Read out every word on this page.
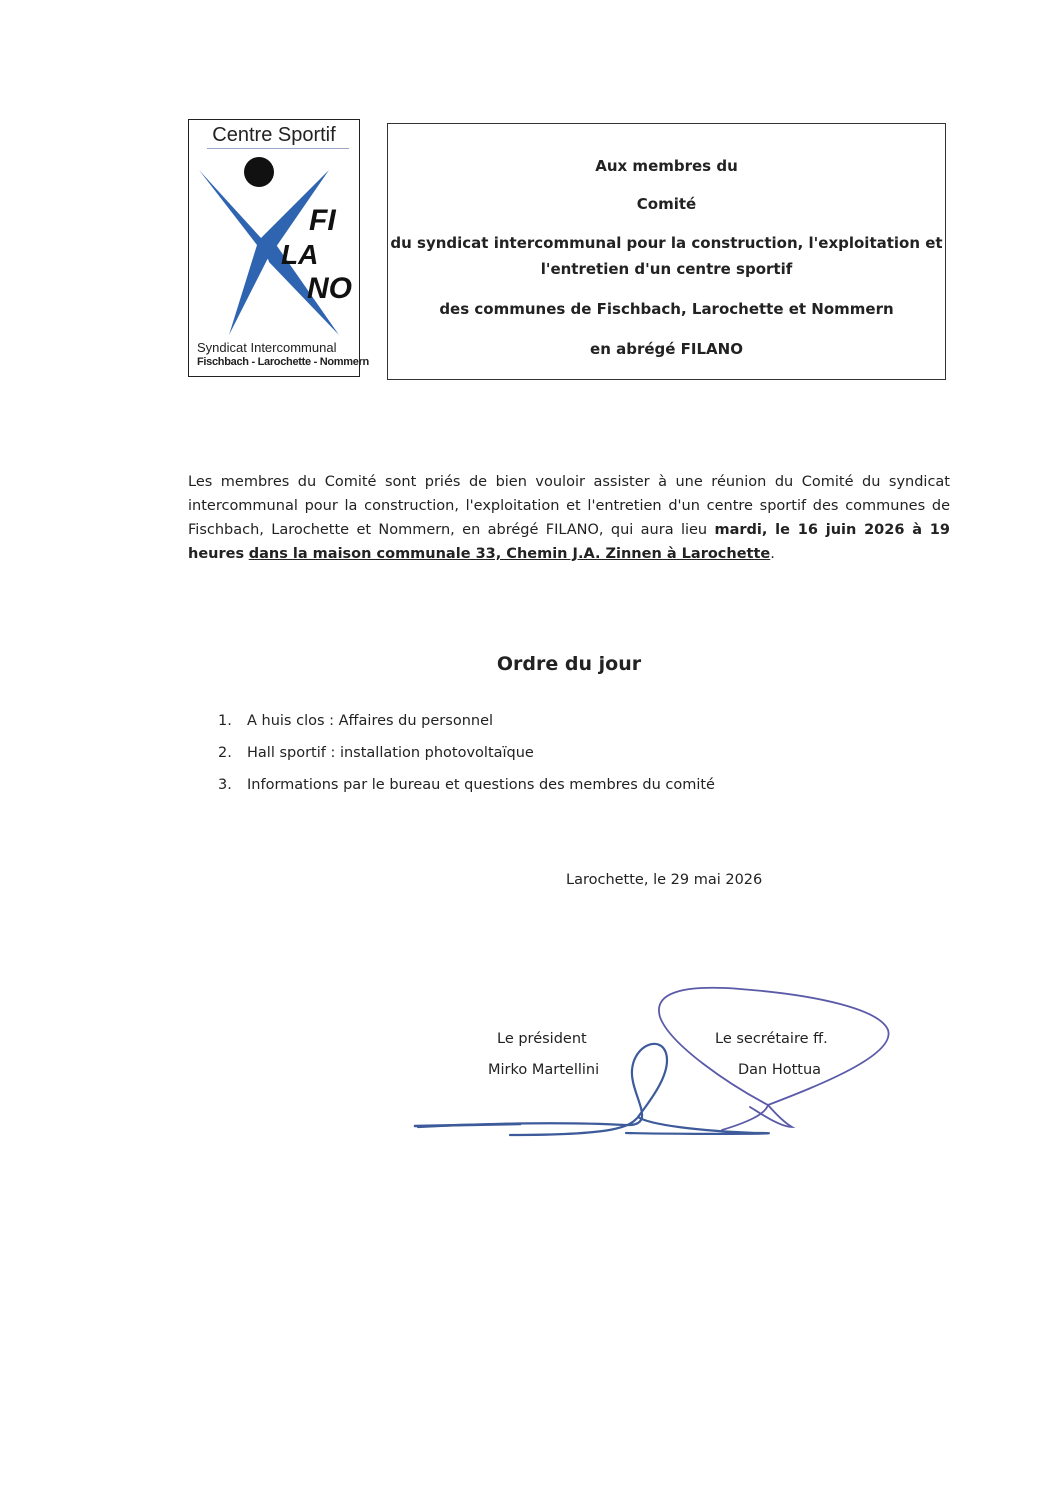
Centre Sportif
FI
LA
NO
Syndicat Intercommunal
Fischbach - Larochette - Nommern
Aux membres du
Comité
du syndicat intercommunal pour la construction, l'exploitation et
l'entretien d'un centre sportif
des communes de Fischbach, Larochette et Nommern
en abrégé FILANO
Les membres du Comité sont priés de bien vouloir assister à une réunion du Comité du syndicat intercommunal pour la construction, l'exploitation et l'entretien d'un centre sportif des communes de Fischbach, Larochette et Nommern, en abrégé FILANO, qui aura lieu mardi, le 16 juin 2026 à 19 heures dans la maison communale 33, Chemin J.A. Zinnen à Larochette.
Ordre du jour
1. A huis clos : Affaires du personnel
2. Hall sportif : installation photovoltaïque
3. Informations par le bureau et questions des membres du comité
Larochette, le 29 mai 2026
Le président
Mirko Martellini
Le secrétaire ff.
Dan Hottua
